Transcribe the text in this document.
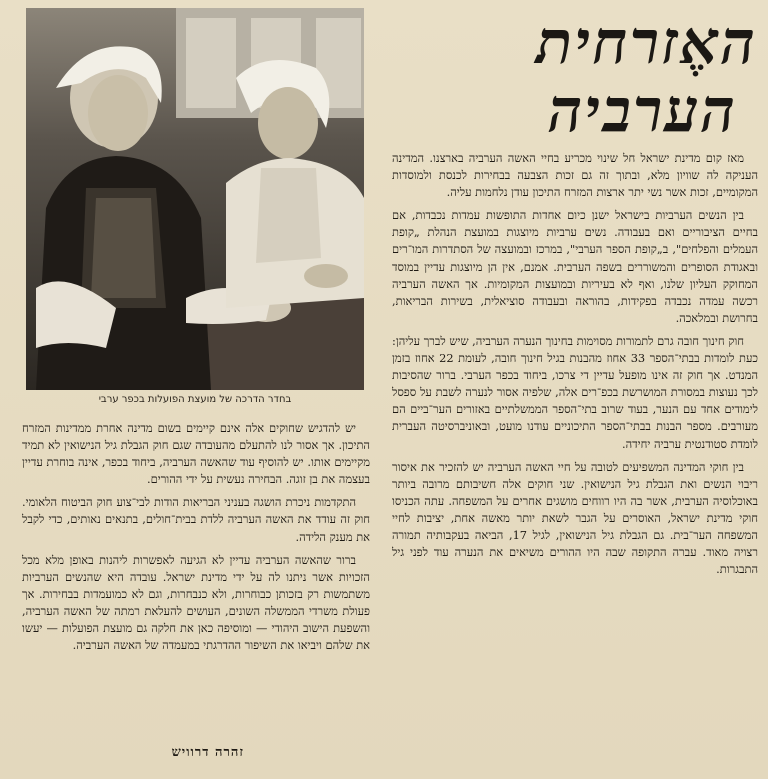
בחדר הדרכה של מועצת הפועלות בכפר ערבי
האֶזרחית
הערביה

מאז קום מדינת ישראל חל שינוי מכריע בחיי האשה הערביה בארצנו. המדינה העניקה לה שוויון מלא, ובתוך זה גם זכות הצבעה בבחירות לכנסת ולמוסדות המקומיים, זכות אשר נשי יתר ארצות המזרח התיכון עודן נלחמות עליה.

בין הנשים הערביות בישראל ישנן כיום אחדות התופשות עמדות נכבדות, אם בחיים הציבוריים ואם בעבודה. נשים ערביות מיוצגות במועצת הנהלת „קופת העמלים והפלחים", ב„קופת הספר הערבי", במרכז ובמועצה של הסתדרות המו־רים ובאגודת הסופרים והמשוררים בשפה הערבית. אמנם, אין הן מיוצגות עדיין במוסד המחוקק העליון שלנו, ואף לא בעיריות ובמועצות המקומיות. אך האשה הערביה רכשה עמדה נכבדה בפקידות, בהוראה ובעבודה סוציאלית, בשירות הבריאות, בחרושת ובמלאכה.

חוק חינוך חובה גרם לתמורות מסוימות בחינוך הנערה הערביה, שיש לברך עליהן: כעת לומדות בבתי־הספר 33 אחוז מהבנות בגיל חינוך חובה, לעומת 22 אחוז בזמן המנדט. אך חוק זה אינו מופעל עדיין די צרכו, ביחוד בכפר הערבי. ברור שהסיבות לכך נעוצות במסורת המושרשת בכפ־רים אלה, שלפיה אסור לנערה לשבת על ספסל לימודים אחד עם הנער, בעוד שרוב בתי־הספר הממשלתיים באזורים הער־ביים הם מעורבים. מספר הבנות בבתי־הספר התיכוניים עודנו מועט, ובאוניברסיטה העברית לומדת סטודנטית ערביה יחידה.

בין חוקי המדינה המשפיעים לטובה על חיי האשה הערביה יש להזכיר את איסור ריבוי הנשים ואת הגבלת גיל הנישואין. שני חוקים אלה חשיבותם מרובה ביותר באוכלוסיה הערבית, אשר בה היו רווחים מושגים אחרים על המשפחה. עתה הכניסו חוקי מדינת ישראל, האוסרים על הגבר לשאת יותר מאשה אחת, יציבות לחיי המשפחה הער־בית. גם הגבלת גיל הנישואין, לגיל 17, הביאה בעקבותיה תמורה רצויה מאוד. עברה התקופה שבה היו ההורים משיאים את הנערה עוד לפני גיל התבגרות.

יש להדגיש שחוקים אלה אינם קיימים בשום מדינה אחרת ממדינות המזרח התיכון. אך אסור לנו להתעלם מהעובדה שגם חוק הגבלת גיל הנישואין לא תמיד מקיימים אותו. יש להוסיף עוד שהאשה הערביה, ביחוד בכפר, אינה בוחרת עדיין בעצמה את בן זוגה. הבחירה נעשית על ידי ההורים.

התקדמות ניכרת הושגה בעניני הבריאות הודות לבי־צוע חוק הביטוח הלאומי. חוק זה עודד את האשה הערביה ללדת בבית־חולים, בתנאים נאותים, כדי לקבל את מענק הלידה.

ברור שהאשה הערביה עדיין לא הגיעה לאפשרות ליהנות באופן מלא מכל הזכויות אשר ניתנו לה על ידי מדינת ישראל. עובדה היא שהנשים הערביות משתמשות רק בזכותן כבוחרות, ולא כנבחרות, וגם לא כמועמדות בבחירות. אך פעולת משרדי הממשלה השונים, העושים להעלאת רמתה של האשה הערביה, והשפעת הישוב היהודי — ומוסיפה כאן את חלקה גם מועצת הפועלות — יעשו את שלהם ויביאו את השיפור ההדרגתי במעמדה של האשה הערביה.

זהרה דרוויש
